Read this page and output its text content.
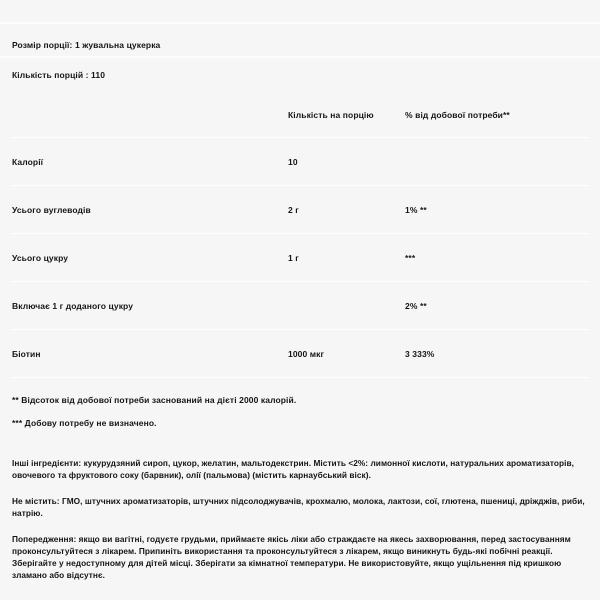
Розмір порції: 1 жувальна цукерка
Кількість порцій : 110
	Кількість на порцію	% від добової потреби**
Калорії	10	
Усього вуглеводів	2 г	1% **
Усього цукру	1 г	***
Включає 1 г доданого цукру		2% **
Біотин	1000 мкг	3 333%
** Відсоток від добової потреби заснований на дієті 2000 калорій.
*** Добову потребу не визначено.
Інші інгредієнти: кукурудзяний сироп, цукор, желатин, мальтодекстрин. Містить <2%: лимонної кислоти, натуральних ароматизаторів, овочевого та фруктового соку (барвник), олії (пальмова) (містить карнаубський віск).
Не містить: ГМО, штучних ароматизаторів, штучних підсолоджувачів, крохмалю, молока, лактози, сої, глютена, пшениці, дріжджів, риби, натрію.
Попередження: якщо ви вагітні, годуєте грудьми, приймаєте якісь ліки або страждаєте на якесь захворювання, перед застосуванням проконсультуйтеся з лікарем. Припиніть використання та проконсультуйтеся з лікарем, якщо виникнуть будь-які побічні реакції. Зберігайте у недоступному для дітей місці. Зберігати за кімнатної температури. Не використовуйте, якщо ущільнення під кришкою зламано або відсутнє.
